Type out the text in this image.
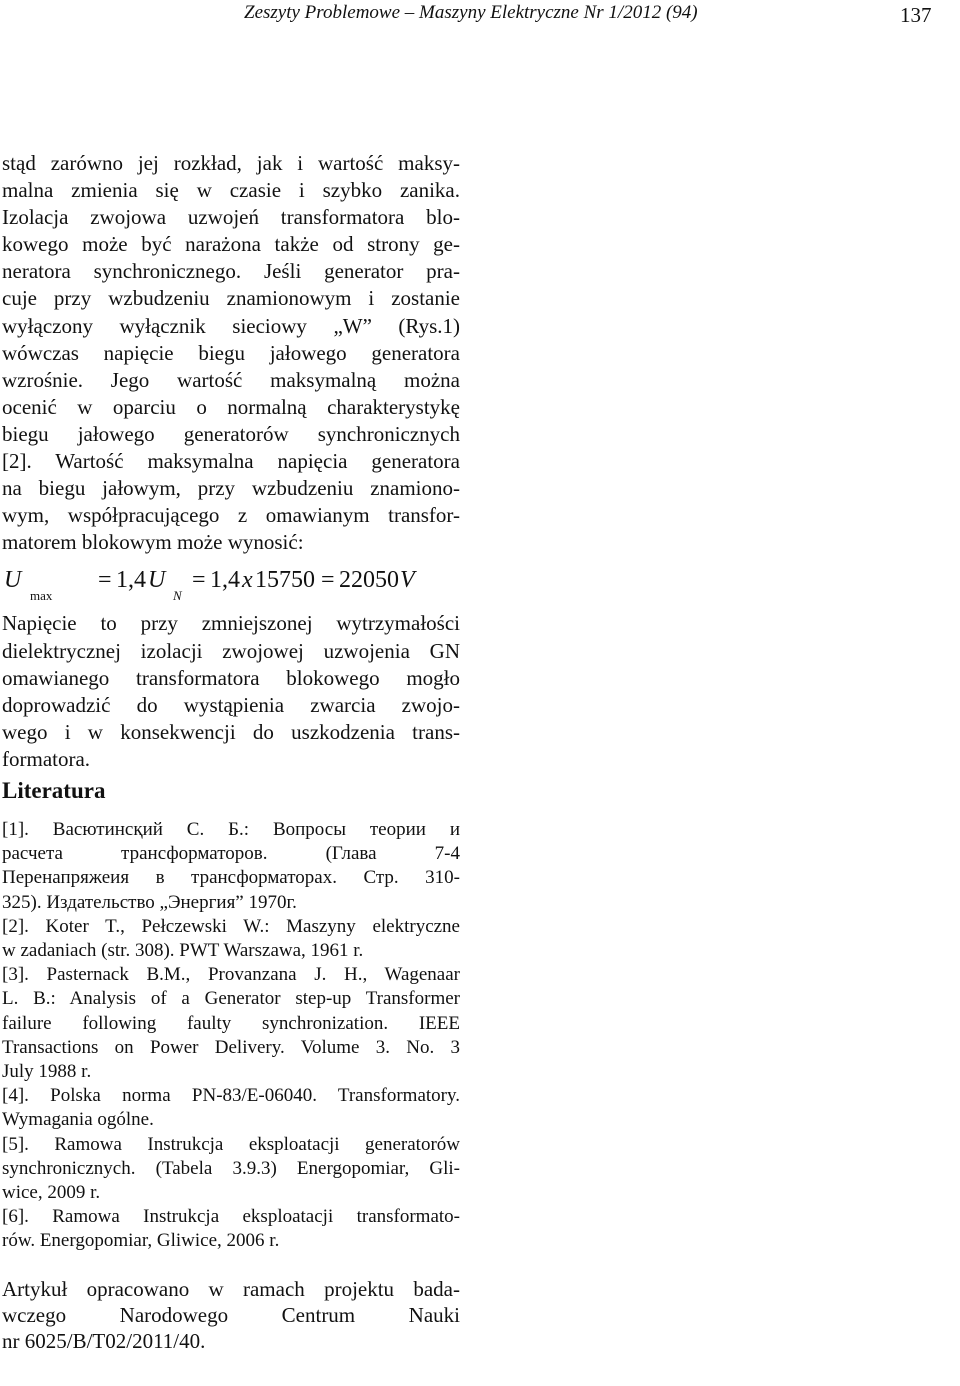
Zeszyty Problemowe – Maszyny Elektryczne Nr 1/2012 (94)	137

stąd zarówno jej rozkład, jak i wartość maksy-
malna zmienia się w czasie i szybko zanika.
Izolacja zwojowa uzwojeń transformatora blo-
kowego może być narażona także od strony ge-
neratora synchronicznego. Jeśli generator pra-
cuje przy wzbudzeniu znamionowym i zostanie
wyłączony wyłącznik sieciowy „W” (Rys.1)
wówczas napięcie biegu jałowego generatora
wzrośnie. Jego wartość maksymalną można
ocenić w oparciu o normalną charakterystykę
biegu jałowego generatorów synchronicznych
[2]. Wartość maksymalna napięcia generatora
na biegu jałowym, przy wzbudzeniu znamiono-
wym, współpracującego z omawianym transfor-
matorem blokowym może wynosić:

U
max
= 1,4 U
N
= 1,4 x 15750 = 22050 V

Napięcie to przy zmniejszonej wytrzymałości
dielektrycznej izolacji zwojowej uzwojenia GN
omawianego transformatora blokowego mogło
doprowadzić do wystąpienia zwarcia zwojo-
wego i w konsekwencji do uszkodzenia trans-
formatora.

Literatura
[1]. Васютинсқий С. Б.: Вопросы теории и
расчета трансформаторов. (Глава 7-4
Перенапряжеия в трансформаторах. Стр. 310-
325). Издательство „Энергия” 1970г.
[2]. Koter T., Pełczewski W.: Maszyny elektryczne
w zadaniach (str. 308). PWT Warszawa, 1961 r.
[3]. Pasternack B.M., Provanzana J. H., Wagenaar
L. B.: Analysis of a Generator step-up Transformer
failure following faulty synchronization. IEEE
Transactions on Power Delivery. Volume 3. No. 3
July 1988 r.
[4]. Polska norma PN-83/E-06040. Transformatory.
Wymagania ogólne.
[5]. Ramowa Instrukcja eksploatacji generatorów
synchronicznych. (Tabela 3.9.3) Energopomiar, Gli-
wice, 2009 r.
[6]. Ramowa Instrukcja eksploatacji transformato-
rów. Energopomiar, Gliwice, 2006 r.

Artykuł opracowano w ramach projektu bada-
wczego Narodowego Centrum Nauki
nr 6025/B/T02/2011/40.
